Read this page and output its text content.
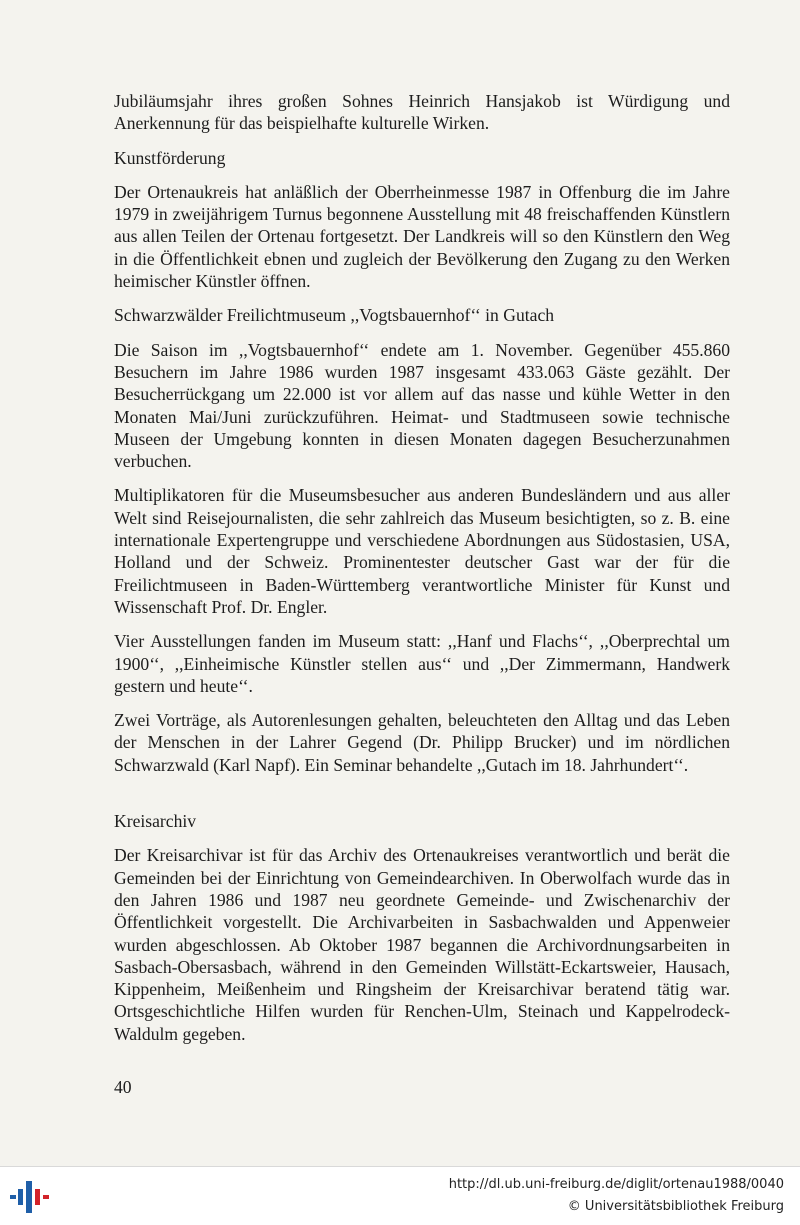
Jubiläumsjahr ihres großen Sohnes Heinrich Hansjakob ist Würdigung und Anerkennung für das beispielhafte kulturelle Wirken.

Kunstförderung

Der Ortenaukreis hat anläßlich der Oberrheinmesse 1987 in Offenburg die im Jahre 1979 in zweijährigem Turnus begonnene Ausstellung mit 48 freischaffenden Künstlern aus allen Teilen der Ortenau fortgesetzt. Der Landkreis will so den Künstlern den Weg in die Öffentlichkeit ebnen und zugleich der Bevölkerung den Zugang zu den Werken heimischer Künstler öffnen.

Schwarzwälder Freilichtmuseum ,,Vogtsbauernhof‘‘ in Gutach

Die Saison im ,,Vogtsbauernhof‘‘ endete am 1. November. Gegenüber 455.860 Besuchern im Jahre 1986 wurden 1987 insgesamt 433.063 Gäste gezählt. Der Besucherrückgang um 22.000 ist vor allem auf das nasse und kühle Wetter in den Monaten Mai/Juni zurückzuführen. Heimat- und Stadtmuseen sowie technische Museen der Umgebung konnten in diesen Monaten dagegen Besucherzunahmen verbuchen.

Multiplikatoren für die Museumsbesucher aus anderen Bundesländern und aus aller Welt sind Reisejournalisten, die sehr zahlreich das Museum besichtigten, so z. B. eine internationale Expertengruppe und verschiedene Abordnungen aus Südostasien, USA, Holland und der Schweiz. Prominentester deutscher Gast war der für die Freilichtmuseen in Baden-Württemberg verantwortliche Minister für Kunst und Wissenschaft Prof. Dr. Engler.

Vier Ausstellungen fanden im Museum statt: ,,Hanf und Flachs‘‘, ,,Oberprechtal um 1900‘‘, ,,Einheimische Künstler stellen aus‘‘ und ,,Der Zimmermann, Handwerk gestern und heute‘‘.

Zwei Vorträge, als Autorenlesungen gehalten, beleuchteten den Alltag und das Leben der Menschen in der Lahrer Gegend (Dr. Philipp Brucker) und im nördlichen Schwarzwald (Karl Napf). Ein Seminar behandelte ,,Gutach im 18. Jahrhundert‘‘.

Kreisarchiv

Der Kreisarchivar ist für das Archiv des Ortenaukreises verantwortlich und berät die Gemeinden bei der Einrichtung von Gemeindearchiven. In Oberwolfach wurde das in den Jahren 1986 und 1987 neu geordnete Gemeinde- und Zwischenarchiv der Öffentlichkeit vorgestellt. Die Archivarbeiten in Sasbachwalden und Appenweier wurden abgeschlossen. Ab Oktober 1987 begannen die Archivordnungsarbeiten in Sasbach-Obersasbach, während in den Gemeinden Willstätt-Eckartsweier, Hausach, Kippenheim, Meißenheim und Ringsheim der Kreisarchivar beratend tätig war. Ortsgeschichtliche Hilfen wurden für Renchen-Ulm, Steinach und Kappelrodeck-Waldulm gegeben.

40
http://dl.ub.uni-freiburg.de/diglit/ortenau1988/0040
© Universitätsbibliothek Freiburg
